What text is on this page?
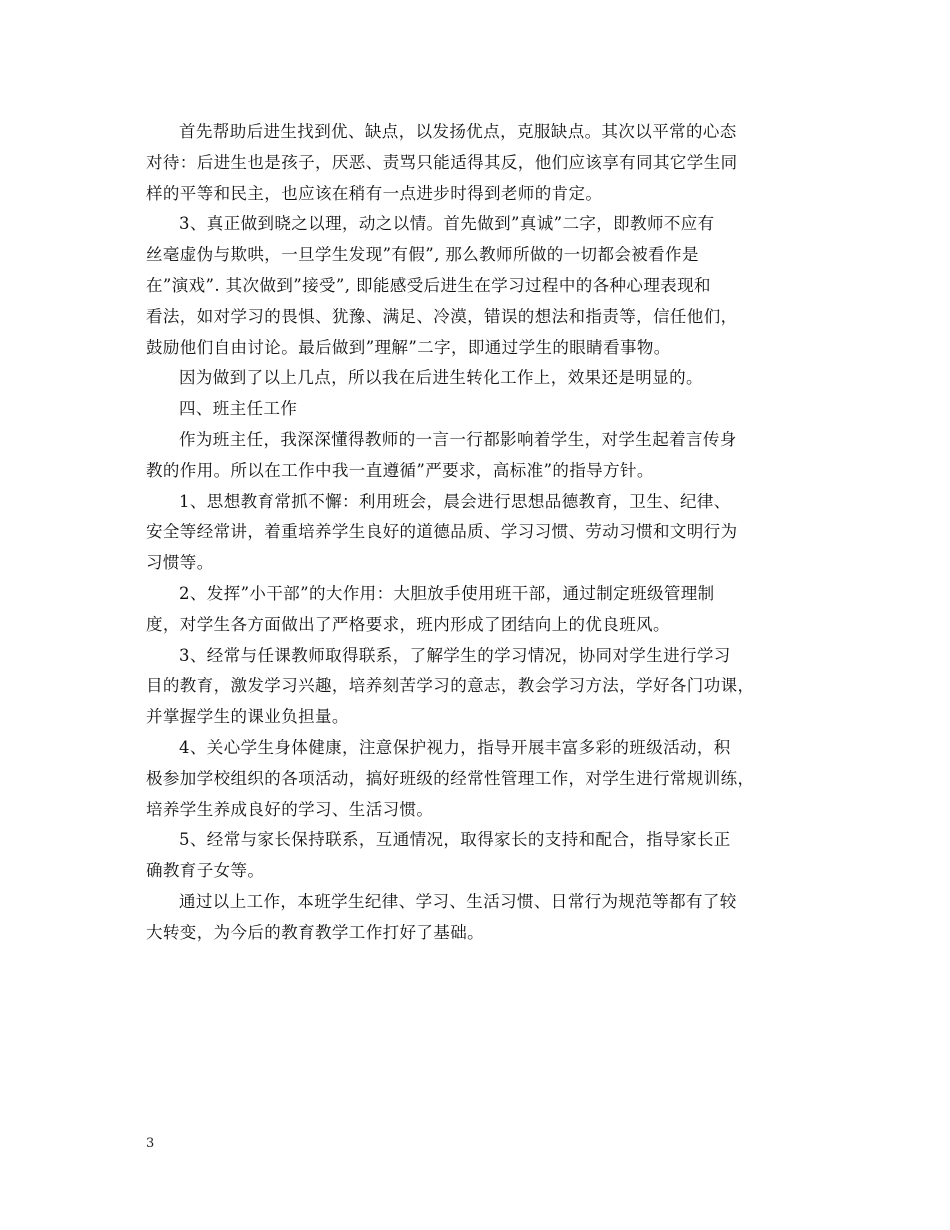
首先帮助后进生找到优、缺点，以发扬优点，克服缺点。其次以平常的心态
对待：后进生也是孩子，厌恶、责骂只能适得其反，他们应该享有同其它学生同
样的平等和民主，也应该在稍有一点进步时得到老师的肯定。
3、真正做到晓之以理，动之以情。首先做到”真诚”二字，即教师不应有
丝毫虚伪与欺哄，一旦学生发现”有假”, 那么教师所做的一切都会被看作是
在”演戏”. 其次做到”接受”, 即能感受后进生在学习过程中的各种心理表现和
看法，如对学习的畏惧、犹豫、满足、冷漠，错误的想法和指责等，信任他们，
鼓励他们自由讨论。最后做到”理解”二字，即通过学生的眼睛看事物。
因为做到了以上几点，所以我在后进生转化工作上，效果还是明显的。
四、班主任工作
作为班主任，我深深懂得教师的一言一行都影响着学生，对学生起着言传身
教的作用。所以在工作中我一直遵循”严要求，高标准”的指导方针。
1、思想教育常抓不懈：利用班会，晨会进行思想品德教育，卫生、纪律、
安全等经常讲，着重培养学生良好的道德品质、学习习惯、劳动习惯和文明行为
习惯等。
2、发挥”小干部”的大作用：大胆放手使用班干部，通过制定班级管理制
度，对学生各方面做出了严格要求，班内形成了团结向上的优良班风。
3、经常与任课教师取得联系，了解学生的学习情况，协同对学生进行学习
目的教育，激发学习兴趣，培养刻苦学习的意志，教会学习方法，学好各门功课，
并掌握学生的课业负担量。
4、关心学生身体健康，注意保护视力，指导开展丰富多彩的班级活动，积
极参加学校组织的各项活动，搞好班级的经常性管理工作，对学生进行常规训练，
培养学生养成良好的学习、生活习惯。
5、经常与家长保持联系，互通情况，取得家长的支持和配合，指导家长正
确教育子女等。
通过以上工作，本班学生纪律、学习、生活习惯、日常行为规范等都有了较
大转变，为今后的教育教学工作打好了基础。
3
